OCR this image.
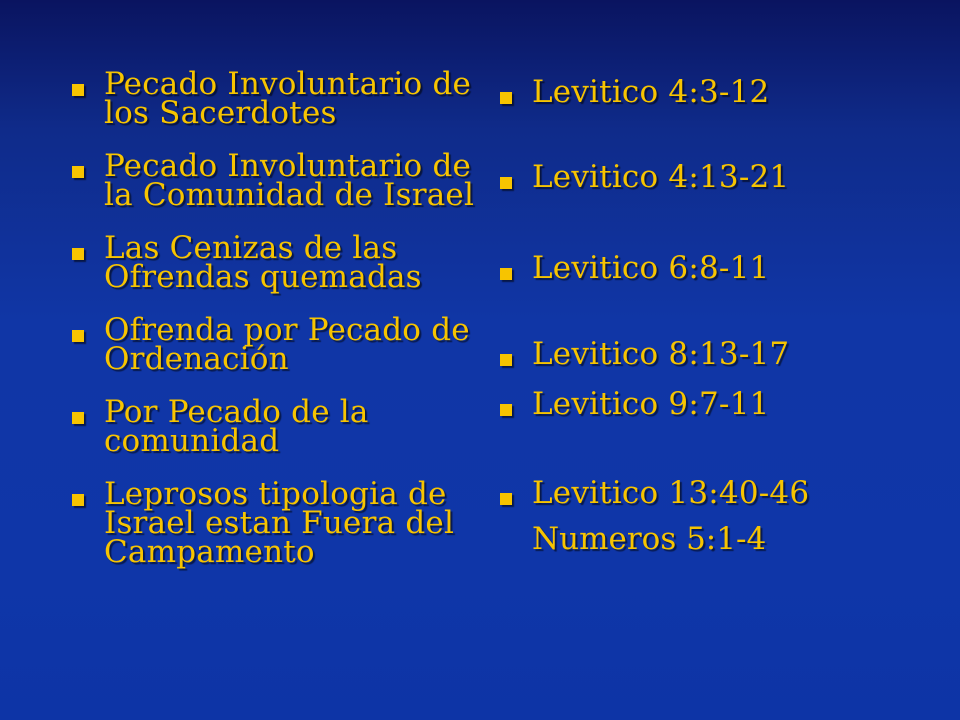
Pecado Involuntario de los Sacerdotes
Pecado Involuntario de la Comunidad de Israel
Las Cenizas de las Ofrendas quemadas
Ofrenda por Pecado de Ordenación
Por Pecado de la comunidad
Leprosos tipologia de Israel estan Fuera del Campamento
Levitico 4:3-12
Levitico 4:13-21
Levitico 6:8-11
Levitico 8:13-17
Levitico 9:7-11
Levitico 13:40-46
Numeros 5:1-4
